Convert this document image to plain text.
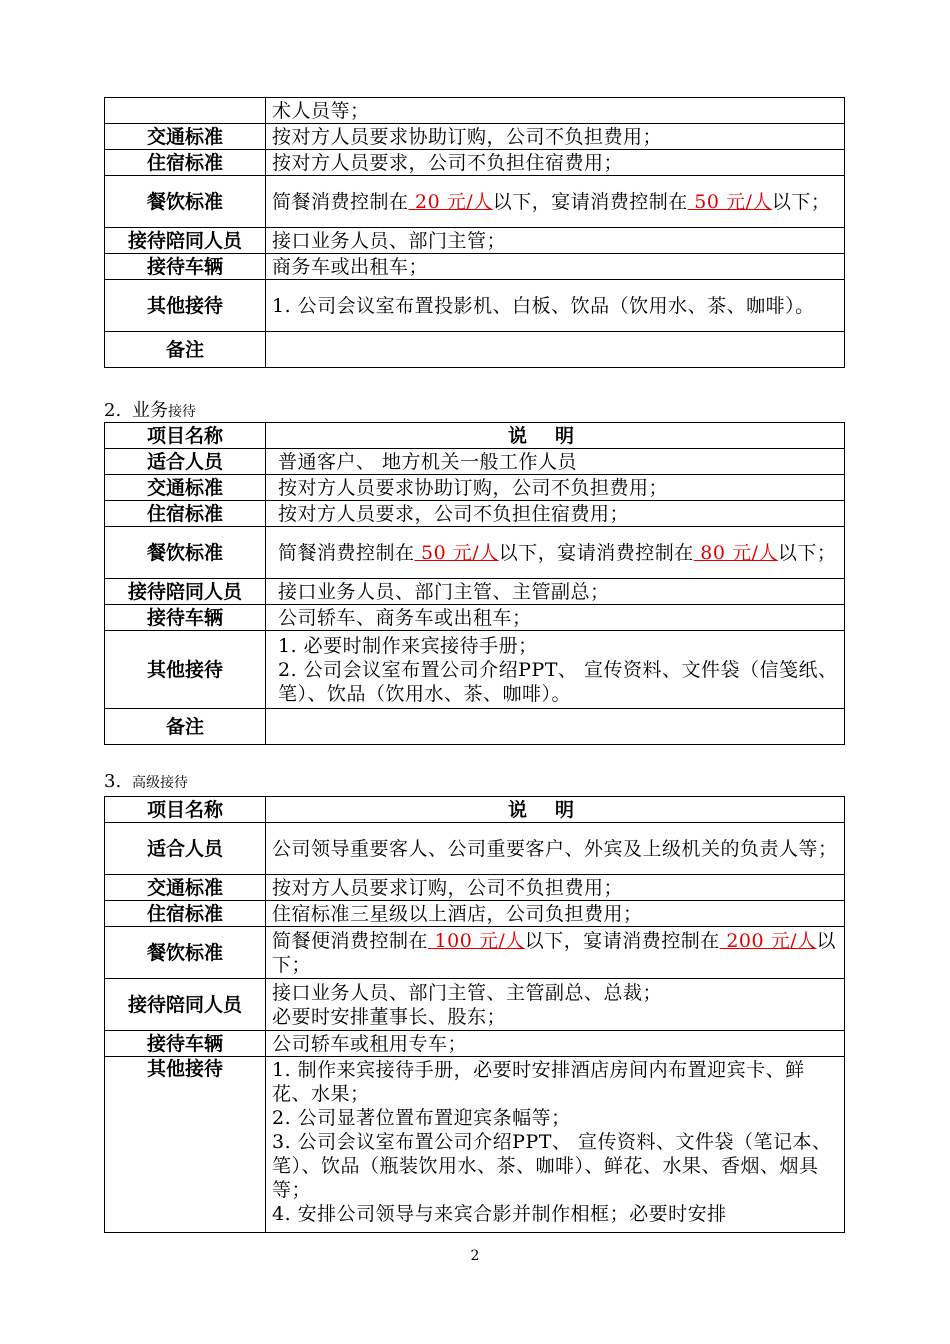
	术人员等；
交通标准	按对方人员要求协助订购，公司不负担费用；
住宿标准	按对方人员要求，公司不负担住宿费用；
餐饮标准	简餐消费控制在 20 元/人以下，宴请消费控制在 50 元/人以下；
接待陪同人员	接口业务人员、部门主管；
接待车辆	商务车或出租车；
其他接待	1. 公司会议室布置投影机、白板、饮品（饮用水、茶、咖啡）。
备注	
2. 业务接待
项目名称	说明
适合人员	普通客户、 地方机关一般工作人员
交通标准	按对方人员要求协助订购，公司不负担费用；
住宿标准	按对方人员要求，公司不负担住宿费用；
餐饮标准	简餐消费控制在 50 元/人以下，宴请消费控制在 80 元/人以下；
接待陪同人员	接口业务人员、部门主管、主管副总；
接待车辆	公司轿车、商务车或出租车；
其他接待	1. 必要时制作来宾接待手册；
2. 公司会议室布置公司介绍PPT、 宣传资料、文件袋（信笺纸、笔）、饮品（饮用水、茶、咖啡）。

备注	
3. 高级接待
项目名称	说明
适合人员	公司领导重要客人、公司重要客户、外宾及上级机关的负责人等；
交通标准	按对方人员要求订购，公司不负担费用；
住宿标准	住宿标准三星级以上酒店，公司负担费用；
餐饮标准	简餐便消费控制在 100 元/人以下，宴请消费控制在 200 元/人以下；
接待陪同人员	接口业务人员、部门主管、主管副总、总裁；
必要时安排董事长、股东；

接待车辆	公司轿车或租用专车；
其他接待	1. 制作来宾接待手册，必要时安排酒店房间内布置迎宾卡、鲜花、水果；
2. 公司显著位置布置迎宾条幅等；
3. 公司会议室布置公司介绍PPT、 宣传资料、文件袋（笔记本、笔）、饮品（瓶装饮用水、茶、咖啡）、鲜花、水果、香烟、烟具等；
4. 安排公司领导与来宾合影并制作相框；必要时安排
2
